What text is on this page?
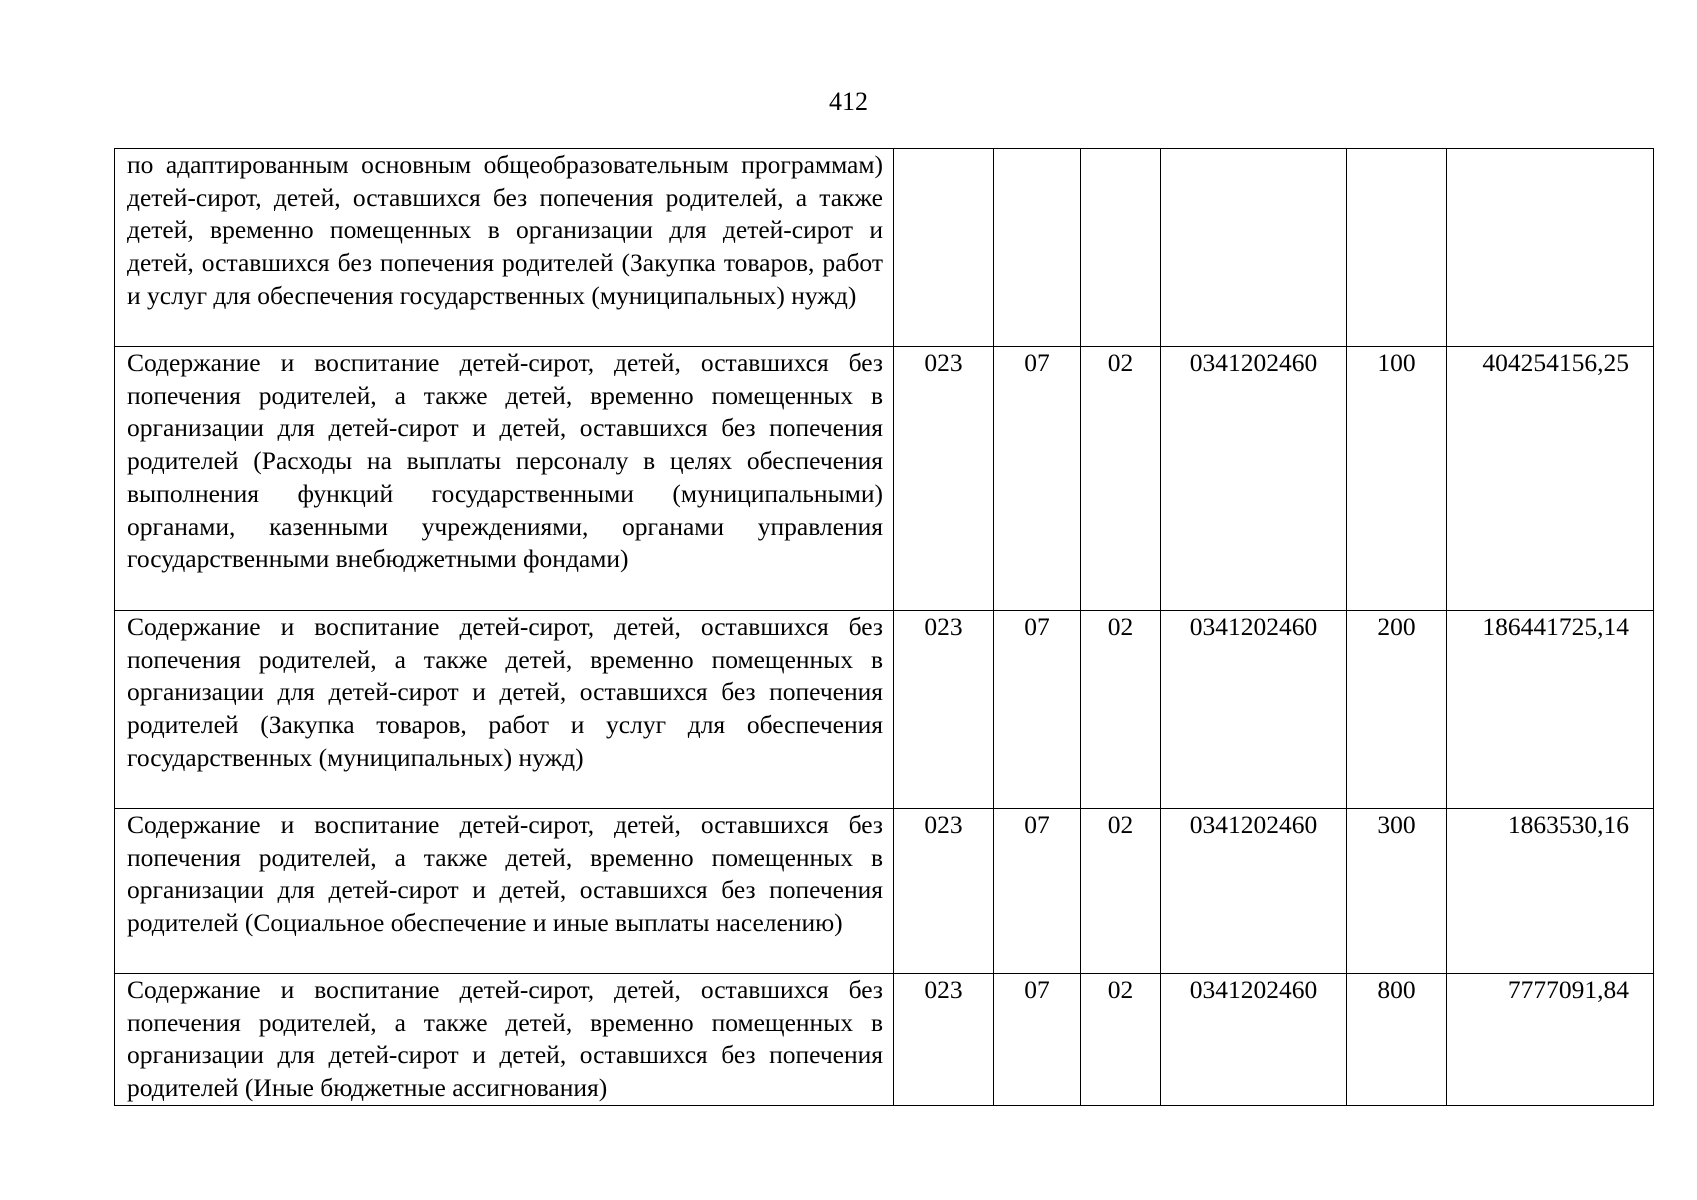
412
по адаптированным основным общеобразовательным программам) детей-сирот, детей, оставшихся без попечения родителей, а также детей, временно помещенных в организации для детей-сирот и детей, оставшихся без попечения родителей (Закупка товаров, работ и услуг для обеспечения государственных (муниципальных) нужд)						
Содержание и воспитание детей-сирот, детей, оставшихся без попечения родителей, а также детей, временно помещенных в организации для детей-сирот и детей, оставшихся без попечения родителей (Расходы на выплаты персоналу в целях обеспечения выполнения функций государственными (муниципальными) органами, казенными учреждениями, органами управления государственными внебюджетными фондами)	023	07	02	0341202460	100	404254156,25
Содержание и воспитание детей-сирот, детей, оставшихся без попечения родителей, а также детей, временно помещенных в организации для детей-сирот и детей, оставшихся без попечения родителей (Закупка товаров, работ и услуг для обеспечения государственных (муниципальных) нужд)	023	07	02	0341202460	200	186441725,14
Содержание и воспитание детей-сирот, детей, оставшихся без попечения родителей, а также детей, временно помещенных в организации для детей-сирот и детей, оставшихся без попечения родителей (Социальное обеспечение и иные выплаты населению)	023	07	02	0341202460	300	1863530,16
Содержание и воспитание детей-сирот, детей, оставшихся без попечения родителей, а также детей, временно помещенных в организации для детей-сирот и детей, оставшихся без попечения родителей (Иные бюджетные ассигнования)	023	07	02	0341202460	800	7777091,84
